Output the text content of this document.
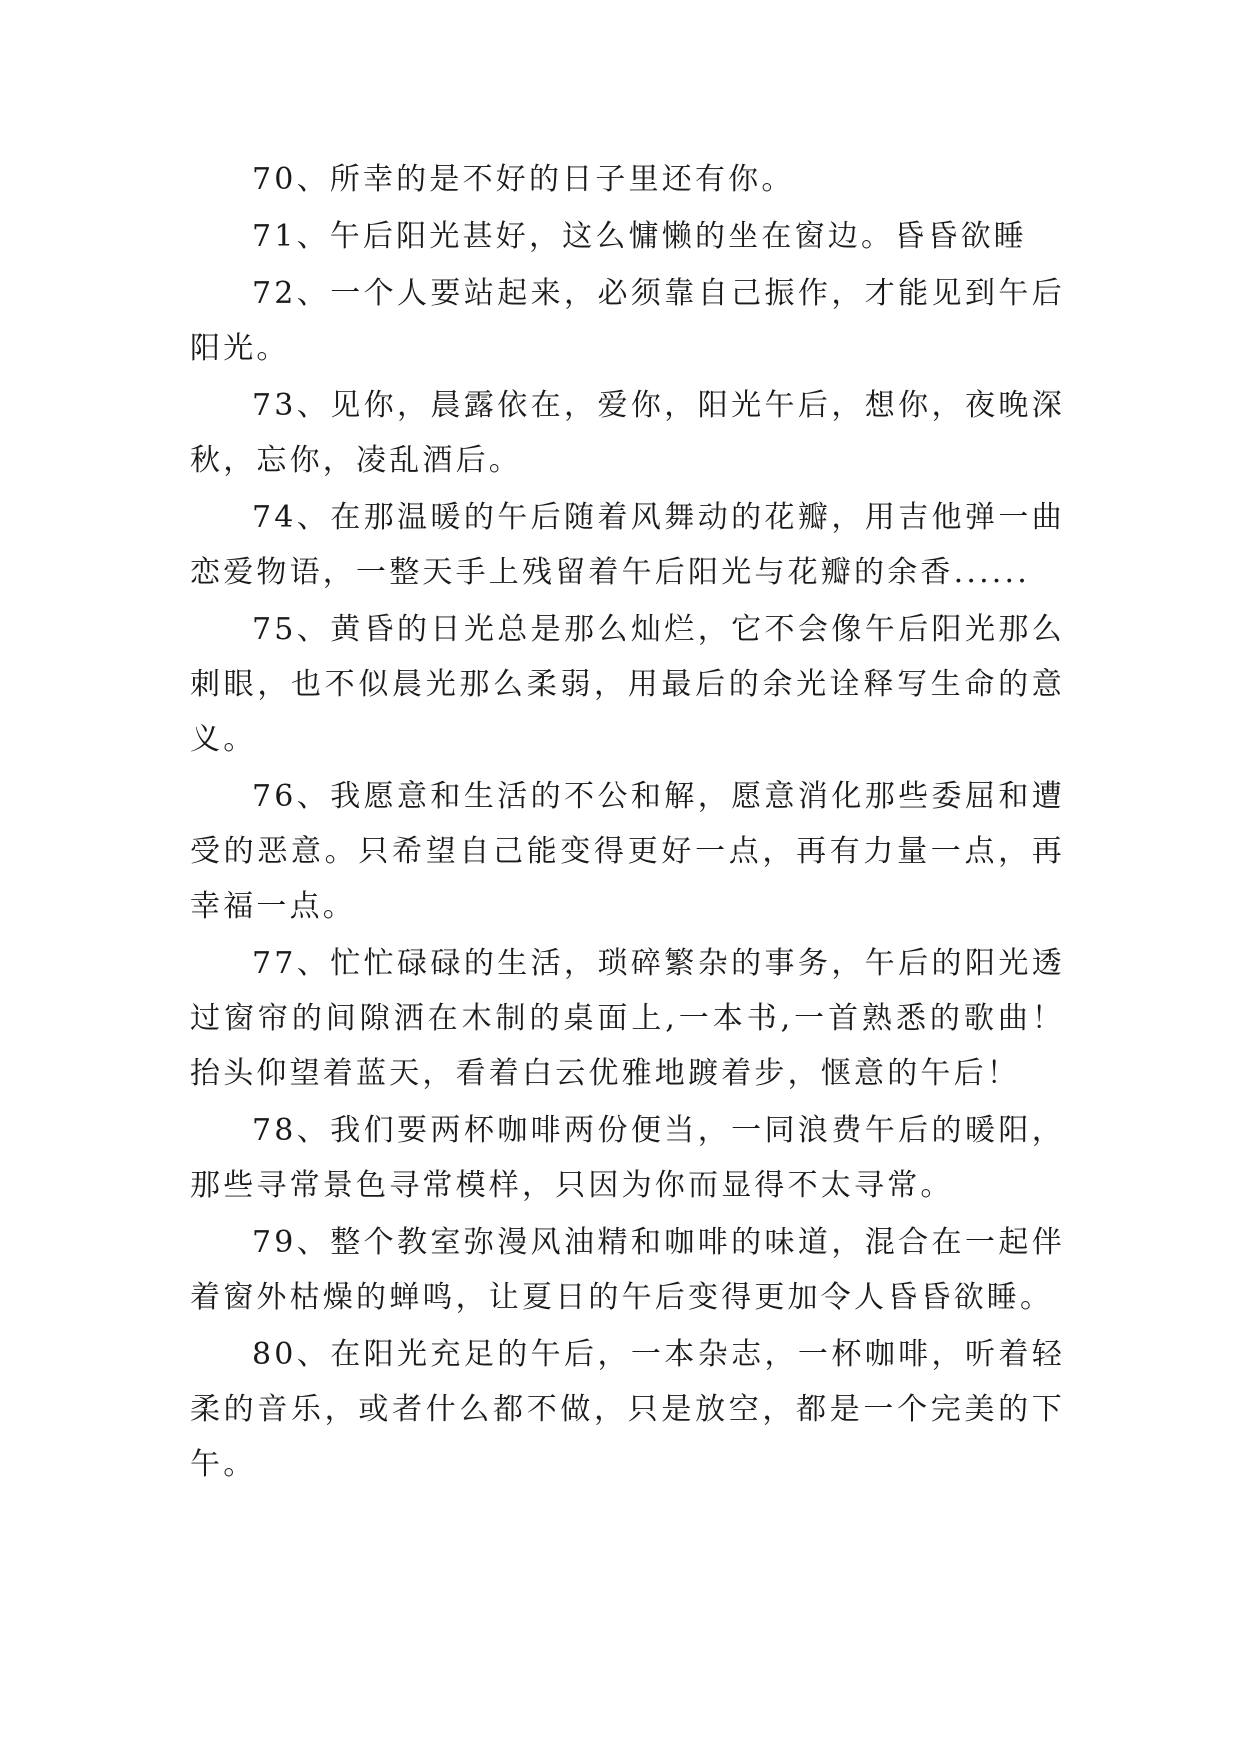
70、所幸的是不好的日子里还有你。

71、午后阳光甚好，这么慵懒的坐在窗边。昏昏欲睡

72、一个人要站起来，必须靠自己振作，才能见到午后阳光。

73、见你，晨露依在，爱你，阳光午后，想你，夜晚深秋，忘你，凌乱酒后。

74、在那温暖的午后随着风舞动的花瓣，用吉他弹一曲恋爱物语，一整天手上残留着午后阳光与花瓣的余香......

75、黄昏的日光总是那么灿烂，它不会像午后阳光那么刺眼，也不似晨光那么柔弱，用最后的余光诠释写生命的意义。

76、我愿意和生活的不公和解，愿意消化那些委屈和遭受的恶意。只希望自己能变得更好一点，再有力量一点，再幸福一点。

77、忙忙碌碌的生活，琐碎繁杂的事务，午后的阳光透过窗帘的间隙洒在木制的桌面上,一本书,一首熟悉的歌曲！抬头仰望着蓝天，看着白云优雅地踱着步，惬意的午后！

78、我们要两杯咖啡两份便当，一同浪费午后的暖阳，那些寻常景色寻常模样，只因为你而显得不太寻常。

79、整个教室弥漫风油精和咖啡的味道，混合在一起伴着窗外枯燥的蝉鸣，让夏日的午后变得更加令人昏昏欲睡。

80、在阳光充足的午后，一本杂志，一杯咖啡，听着轻柔的音乐，或者什么都不做，只是放空，都是一个完美的下午。
